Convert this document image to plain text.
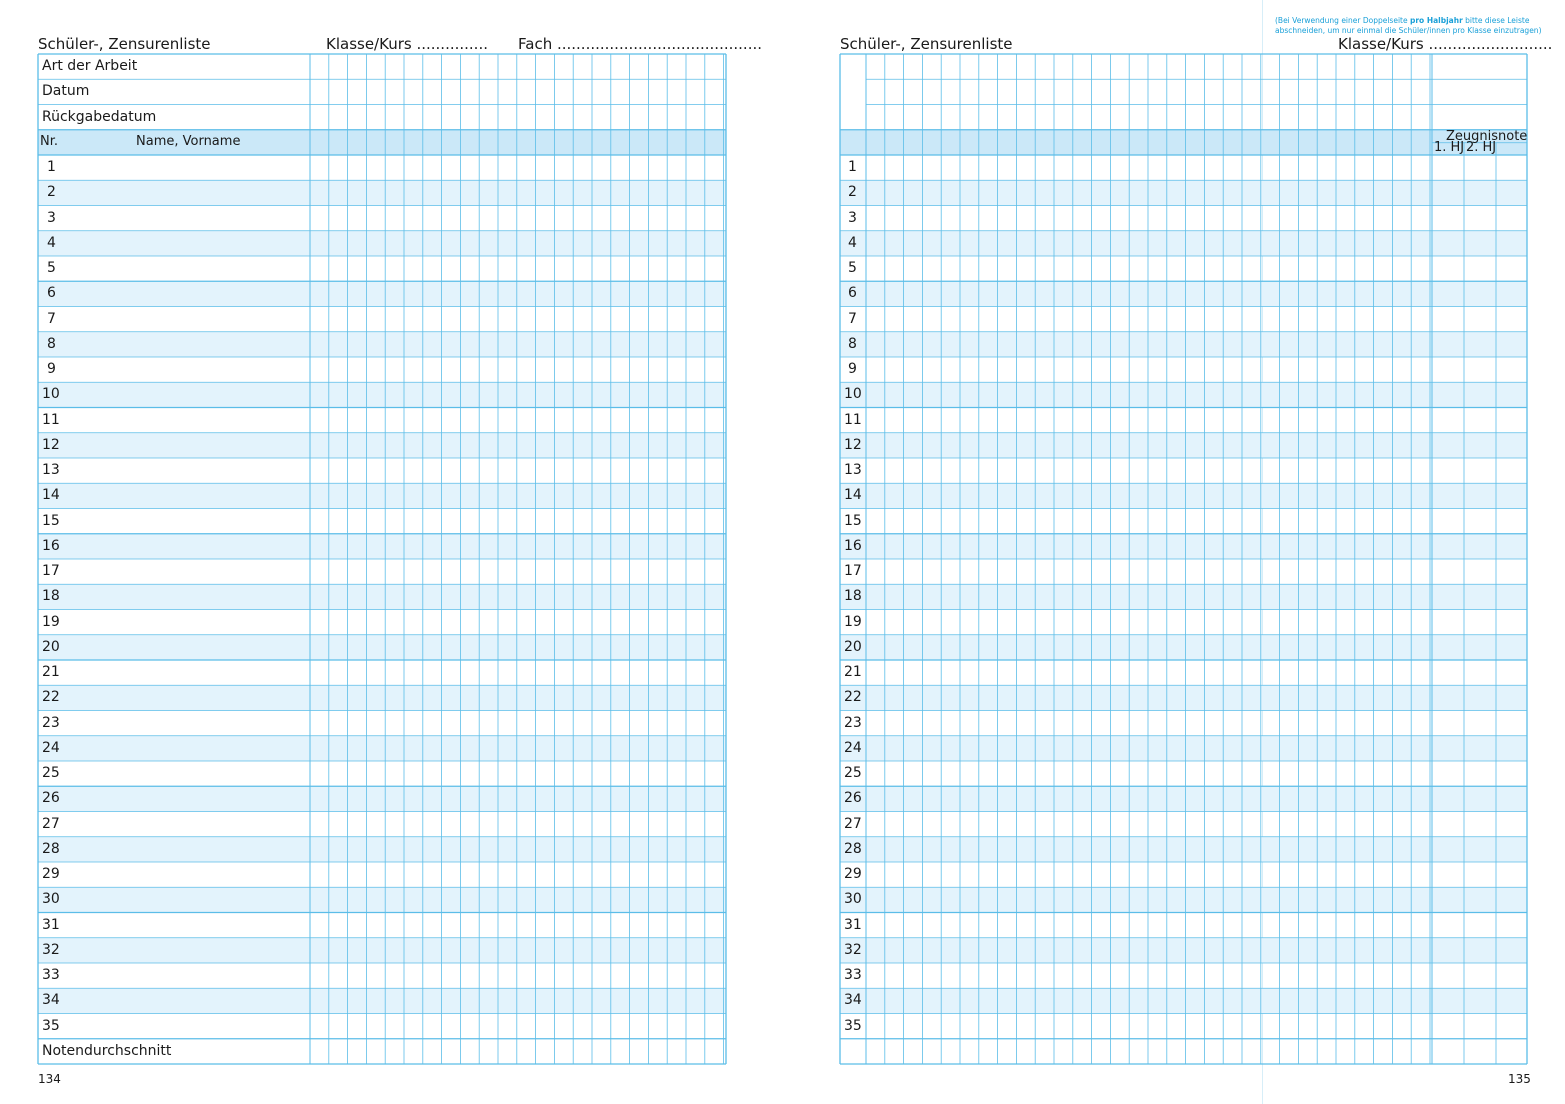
Schüler-, Zensurenliste	Klasse/Kurs ............... Fach ...........................................
Art der Arbeit
Datum
Rückgabedatum
Nr.	Name, Vorname
1
2
3
4
5
6
7
8
9
10
11
12
13
14
15
16
17
18
19
20
21
22
23
24
25
26
27
28
29
30
31
32
33
34
35
Notendurchschnitt
134
(Bei Verwendung einer Doppelseite pro Halbjahr bitte diese Leiste
abschneiden, um nur einmal die Schüler/innen pro Klasse einzutragen)
Schüler-, Zensurenliste	Klasse/Kurs ..........................
Zeugnisnote
1. HJ 2. HJ
1
2
3
4
5
6
7
8
9
10
11
12
13
14
15
16
17
18
19
20
21
22
23
24
25
26
27
28
29
30
31
32
33
34
35
135
